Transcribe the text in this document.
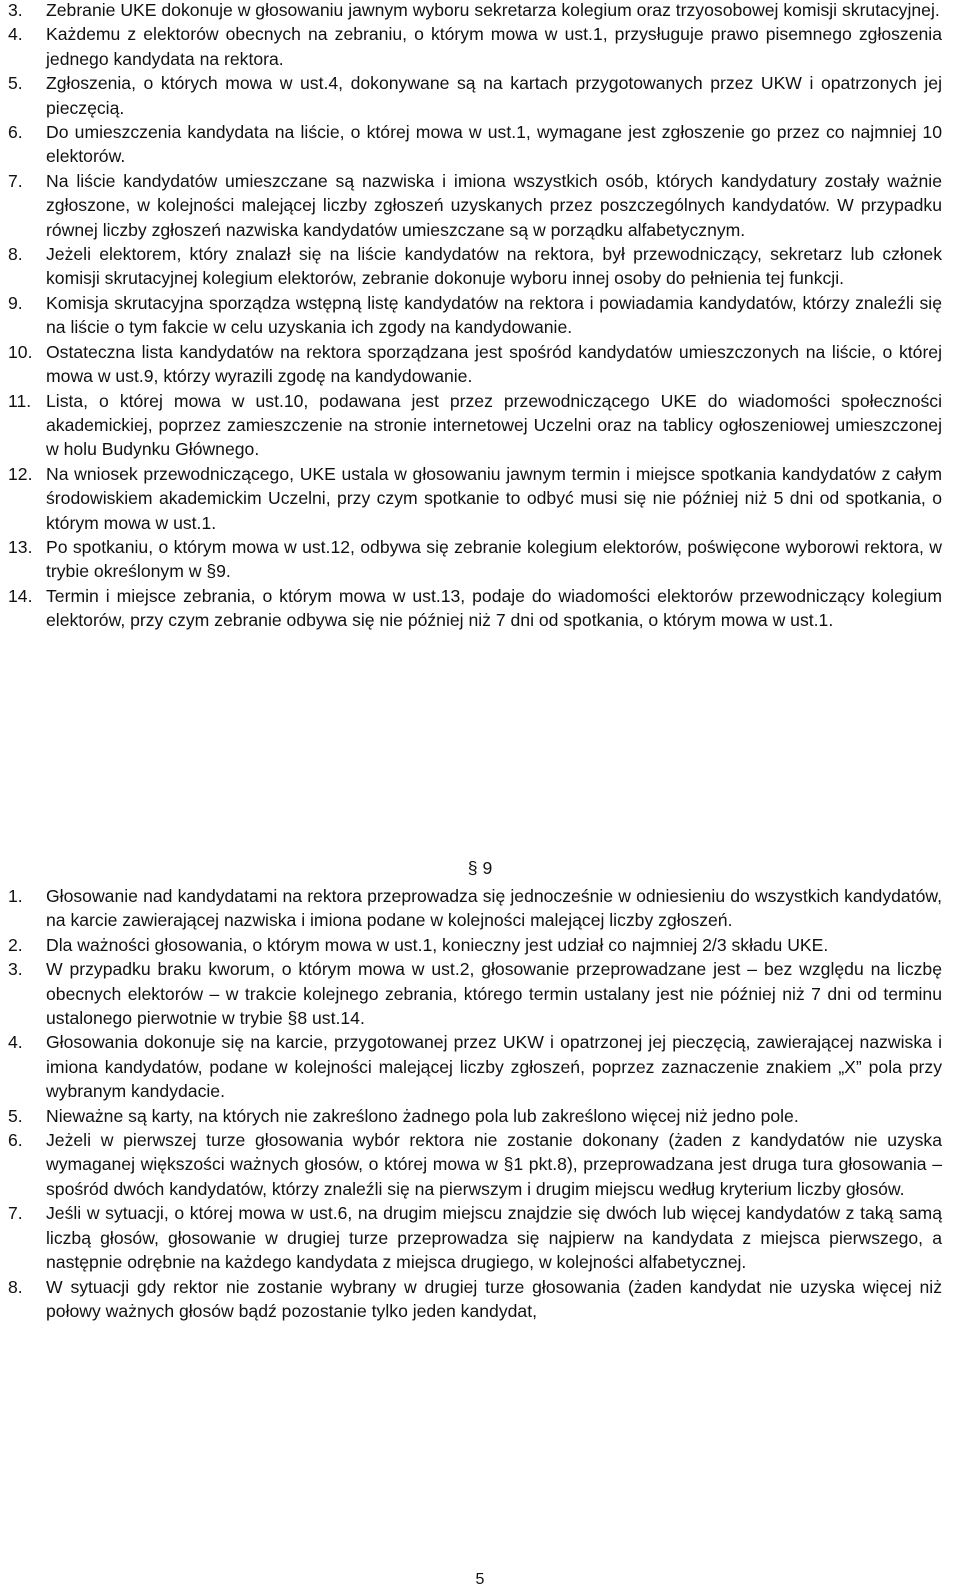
3. Zebranie UKE dokonuje w głosowaniu jawnym wyboru sekretarza kolegium oraz trzyosobowej komisji skrutacyjnej.
4. Każdemu z elektorów obecnych na zebraniu, o którym mowa w ust.1, przysługuje prawo pisemnego zgłoszenia jednego kandydata na rektora.
5. Zgłoszenia, o których mowa w ust.4, dokonywane są na kartach przygotowanych przez UKW i opatrzonych jej pieczęcią.
6. Do umieszczenia kandydata na liście, o której mowa w ust.1, wymagane jest zgłoszenie go przez co najmniej 10 elektorów.
7. Na liście kandydatów umieszczane są nazwiska i imiona wszystkich osób, których kandydatury zostały ważnie zgłoszone, w kolejności malejącej liczby zgłoszeń uzyskanych przez poszczególnych kandydatów. W przypadku równej liczby zgłoszeń nazwiska kandydatów umieszczane są w porządku alfabetycznym.
8. Jeżeli elektorem, który znalazł się na liście kandydatów na rektora, był przewodniczący, sekretarz lub członek komisji skrutacyjnej kolegium elektorów, zebranie dokonuje wyboru innej osoby do pełnienia tej funkcji.
9. Komisja skrutacyjna sporządza wstępną listę kandydatów na rektora i powiadamia kandydatów, którzy znaleźli się na liście o tym fakcie w celu uzyskania ich zgody na kandydowanie.
10. Ostateczna lista kandydatów na rektora sporządzana jest spośród kandydatów umieszczonych na liście, o której mowa w ust.9, którzy wyrazili zgodę na kandydowanie.
11. Lista, o której mowa w ust.10, podawana jest przez przewodniczącego UKE do wiadomości społeczności akademickiej, poprzez zamieszczenie na stronie internetowej Uczelni oraz na tablicy ogłoszeniowej umieszczonej w holu Budynku Głównego.
12. Na wniosek przewodniczącego, UKE ustala w głosowaniu jawnym termin i miejsce spotkania kandydatów z całym środowiskiem akademickim Uczelni, przy czym spotkanie to odbyć musi się nie później niż 5 dni od spotkania, o którym mowa w ust.1.
13. Po spotkaniu, o którym mowa w ust.12, odbywa się zebranie kolegium elektorów, poświęcone wyborowi rektora, w trybie określonym w §9.
14. Termin i miejsce zebrania, o którym mowa w ust.13, podaje do wiadomości elektorów przewodniczący kolegium elektorów, przy czym zebranie odbywa się nie później niż 7 dni od spotkania, o którym mowa w ust.1.
§ 9
1. Głosowanie nad kandydatami na rektora przeprowadza się jednocześnie w odniesieniu do wszystkich kandydatów, na karcie zawierającej nazwiska i imiona podane w kolejności malejącej liczby zgłoszeń.
2. Dla ważności głosowania, o którym mowa w ust.1, konieczny jest udział co najmniej 2/3 składu UKE.
3. W przypadku braku kworum, o którym mowa w ust.2, głosowanie przeprowadzane jest – bez względu na liczbę obecnych elektorów – w trakcie kolejnego zebrania, którego termin ustalany jest nie później niż 7 dni od terminu ustalonego pierwotnie w trybie §8 ust.14.
4. Głosowania dokonuje się na karcie, przygotowanej przez UKW i opatrzonej jej pieczęcią, zawierającej nazwiska i imiona kandydatów, podane w kolejności malejącej liczby zgłoszeń, poprzez zaznaczenie znakiem „X” pola przy wybranym kandydacie.
5. Nieważne są karty, na których nie zakreślono żadnego pola lub zakreślono więcej niż jedno pole.
6. Jeżeli w pierwszej turze głosowania wybór rektora nie zostanie dokonany (żaden z kandydatów nie uzyska wymaganej większości ważnych głosów, o której mowa w §1 pkt.8), przeprowadzana jest druga tura głosowania – spośród dwóch kandydatów, którzy znaleźli się na pierwszym i drugim miejscu według kryterium liczby głosów.
7. Jeśli w sytuacji, o której mowa w ust.6, na drugim miejscu znajdzie się dwóch lub więcej kandydatów z taką samą liczbą głosów, głosowanie w drugiej turze przeprowadza się najpierw na kandydata z miejsca pierwszego, a następnie odrębnie na każdego kandydata z miejsca drugiego, w kolejności alfabetycznej.
8. W sytuacji gdy rektor nie zostanie wybrany w drugiej turze głosowania (żaden kandydat nie uzyska więcej niż połowy ważnych głosów bądź pozostanie tylko jeden kandydat,
5
